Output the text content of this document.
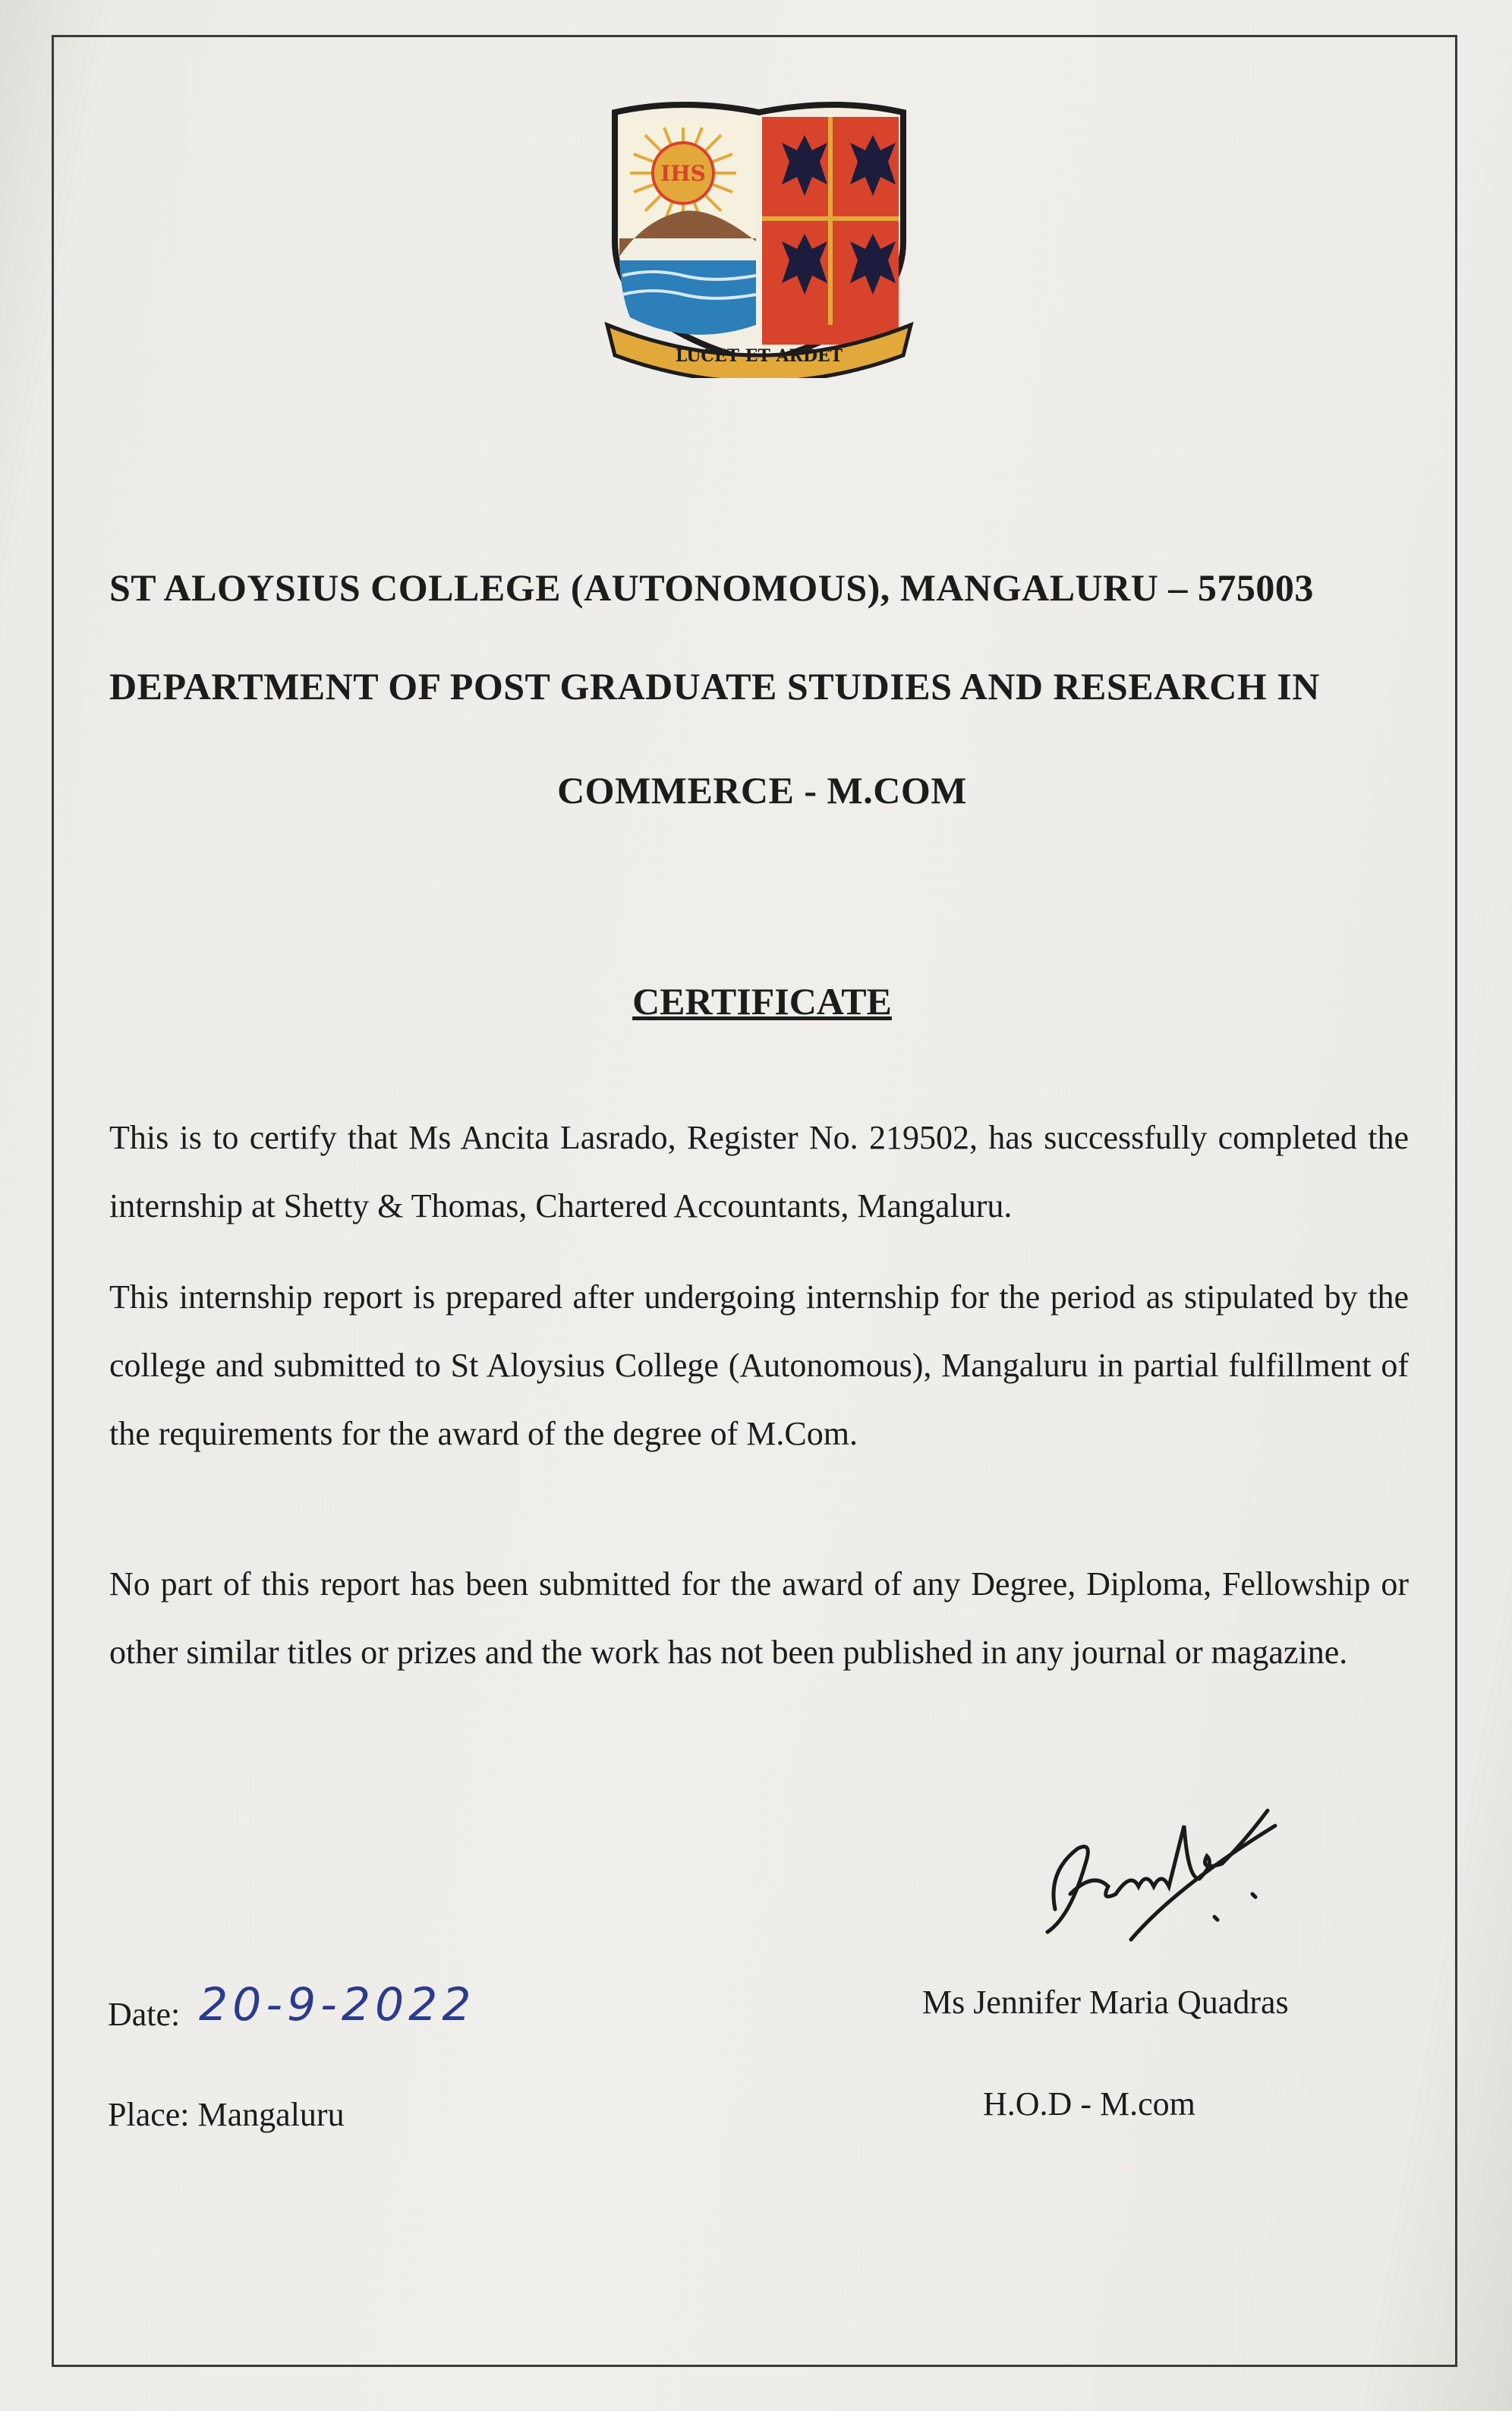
IHS
LUCET ET ARDET
ST ALOYSIUS COLLEGE (AUTONOMOUS), MANGALURU – 575003
DEPARTMENT OF POST GRADUATE STUDIES AND RESEARCH IN
COMMERCE - M.COM
CERTIFICATE

This is to certify that Ms Ancita Lasrado, Register No. 219502, has successfully completed the internship at Shetty & Thomas, Chartered Accountants, Mangaluru.

This internship report is prepared after undergoing internship for the period as stipulated by the college and submitted to St Aloysius College (Autonomous), Mangaluru in partial fulfillment of the requirements for the award of the degree of M.Com.

No part of this report has been submitted for the award of any Degree, Diploma, Fellowship or other similar titles or prizes and the work has not been published in any journal or magazine.

Date: 20-9-2022
Place: Mangaluru
Ms Jennifer Maria Quadras
H.O.D - M.com
